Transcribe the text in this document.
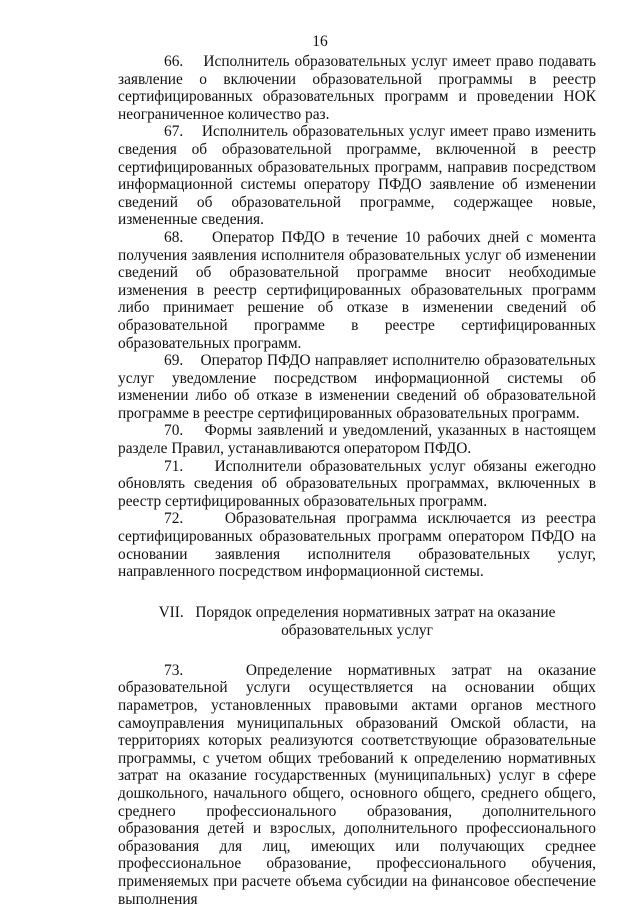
16

66.    Исполнитель образовательных услуг имеет право подавать заявление о включении образовательной программы в реестр сертифицированных образовательных программ и проведении НОК неограниченное количество раз.

67.    Исполнитель образовательных услуг имеет право изменить сведения об образовательной программе, включенной в реестр сертифицированных образовательных программ, направив посредством информационной системы оператору ПФДО заявление об изменении сведений об образовательной программе, содержащее новые, измененные сведения.

68.    Оператор ПФДО в течение 10 рабочих дней с момента получения заявления исполнителя образовательных услуг об изменении сведений об образовательной программе вносит необходимые изменения в реестр сертифицированных образовательных программ либо принимает решение об отказе в изменении сведений об образовательной программе в реестре сертифицированных образовательных программ.

69.    Оператор ПФДО направляет исполнителю образовательных услуг уведомление посредством информационной системы об изменении либо об отказе в изменении сведений об образовательной программе в реестре сертифицированных образовательных программ.

70.    Формы заявлений и уведомлений, указанных в настоящем разделе Правил, устанавливаются оператором ПФДО.

71.    Исполнители образовательных услуг обязаны ежегодно обновлять сведения об образовательных программах, включенных в реестр сертифицированных образовательных программ.

72.    Образовательная программа исключается из реестра сертифицированных образовательных программ оператором ПФДО на основании заявления исполнителя образовательных услуг, направленного посредством информационной системы.

VII.   Порядок определения нормативных затрат на оказание
образовательных услуг

73.    Определение нормативных затрат на оказание образовательной услуги осуществляется на основании общих параметров, установленных правовыми актами органов местного самоуправления муниципальных образований Омской области, на территориях которых реализуются соответствующие образовательные программы, с учетом общих требований к определению нормативных затрат на оказание государственных (муниципальных) услуг в сфере дошкольного, начального общего, основного общего, среднего общего, среднего профессионального образования, дополнительного образования детей и взрослых, дополнительного профессионального образования для лиц, имеющих или получающих среднее профессиональное образование, профессионального обучения, применяемых при расчете объема субсидии на финансовое обеспечение выполнения
